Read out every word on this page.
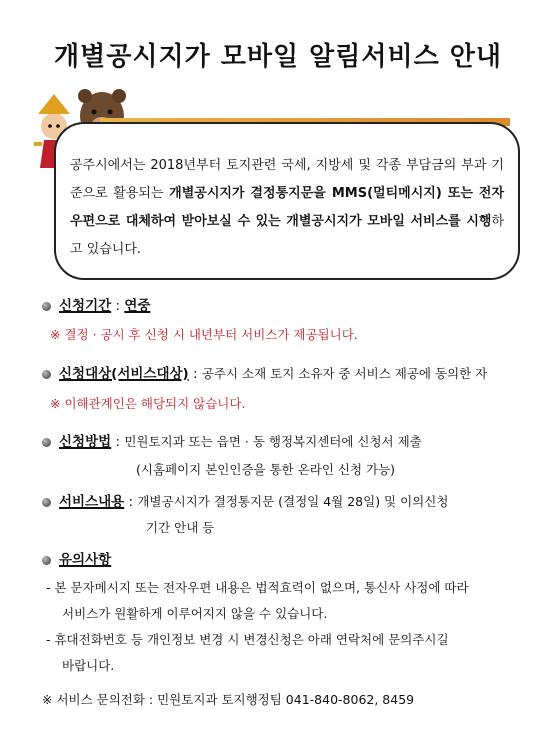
개별공시지가 모바일 알림서비스 안내

공주시에서는 2018년부터 토지관련 국세, 지방세 및 각종 부담금의 부과 기준으로 활용되는 개별공시지가 결정통지문을 MMS(멀티메시지) 또는 전자우편으로 대체하여 받아보실 수 있는 개별공시지가 모바일 서비스를 시행하고 있습니다.

신청기간 : 연중
※ 결정 · 공시 후 신청 시 내년부터 서비스가 제공됩니다.
신청대상(서비스대상) : 공주시 소재 토지 소유자 중 서비스 제공에 동의한 자
※ 이해관계인은 해당되지 않습니다.
신청방법 : 민원토지과 또는 읍면 · 동 행정복지센터에 신청서 제출
(시홈페이지 본인인증을 통한 온라인 신청 가능)
서비스내용 : 개별공시지가 결정통지문 (결정일 4월 28일) 및 이의신청
기간 안내 등
유의사항
- 본 문자메시지 또는 전자우편 내용은 법적효력이 없으며, 통신사 사정에 따라
서비스가 원활하게 이루어지지 않을 수 있습니다.
- 휴대전화번호 등 개인정보 변경 시 변경신청은 아래 연락처에 문의주시길
바랍니다.
※ 서비스 문의전화 : 민원토지과 토지행정팀 041-840-8062, 8459
